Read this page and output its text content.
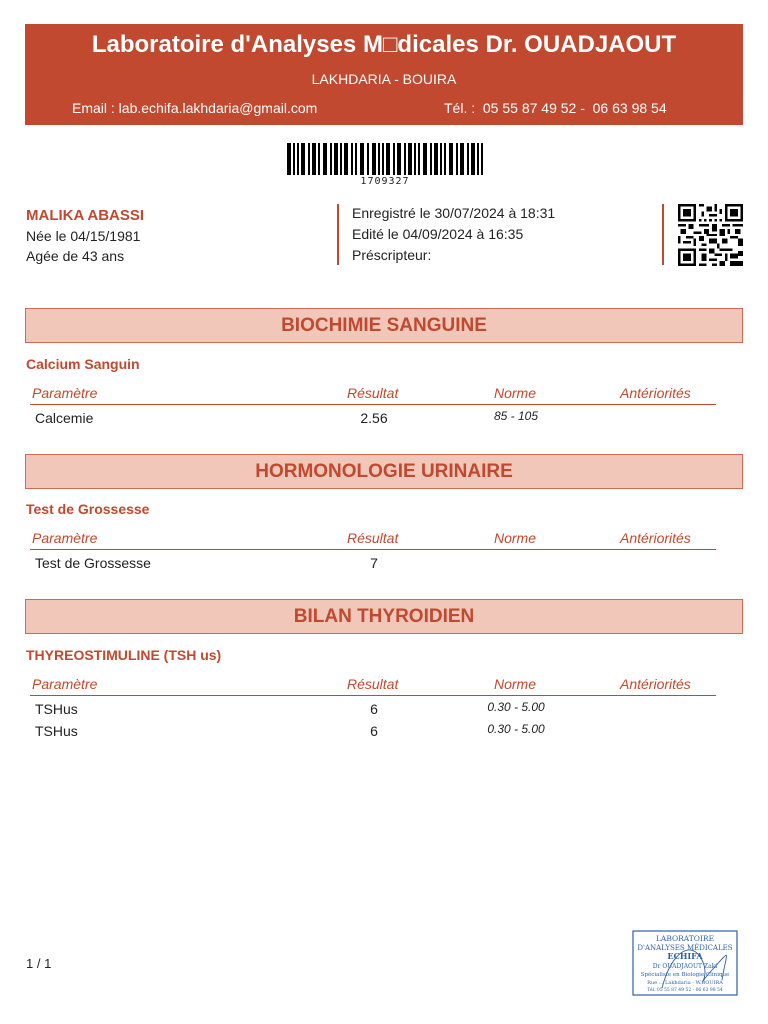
Laboratoire d'Analyses M□dicales Dr. OUADJAOUT
LAKHDARIA - BOUIRA
Email : lab.echifa.lakhdaria@gmail.com	Tél. :  05 55 87 49 52 -  06 63 98 54
1709327
MALIKA ABASSI
Née le 04/15/1981
Agée de 43 ans
Enregistré le 30/07/2024 à 18:31
Edité le 04/09/2024 à 16:35
Préscripteur:
BIOCHIMIE SANGUINE
Calcium Sanguin
Paramètre	Résultat	Norme	Antériorités
Calcemie	2.56	85 - 105
HORMONOLOGIE URINAIRE
Test de Grossesse
Paramètre	Résultat	Norme	Antériorités
Test de Grossesse	7
BILAN THYROIDIEN
THYREOSTIMULINE (TSH us)
Paramètre	Résultat	Norme	Antériorités
TSHus	6	0.30 - 5.00
TSHus	6	0.30 - 5.00
1 / 1
LABORATOIRE
D'ANALYSES MÉDICALES
ECHIFA
Dr OUADJAOUT Zaki
Spécialiste en Biologie Clinique
Rue ... Lakhdaria - W.BOUIRA
Tél. 05 55 87 49 52 - 06 63 98 54
